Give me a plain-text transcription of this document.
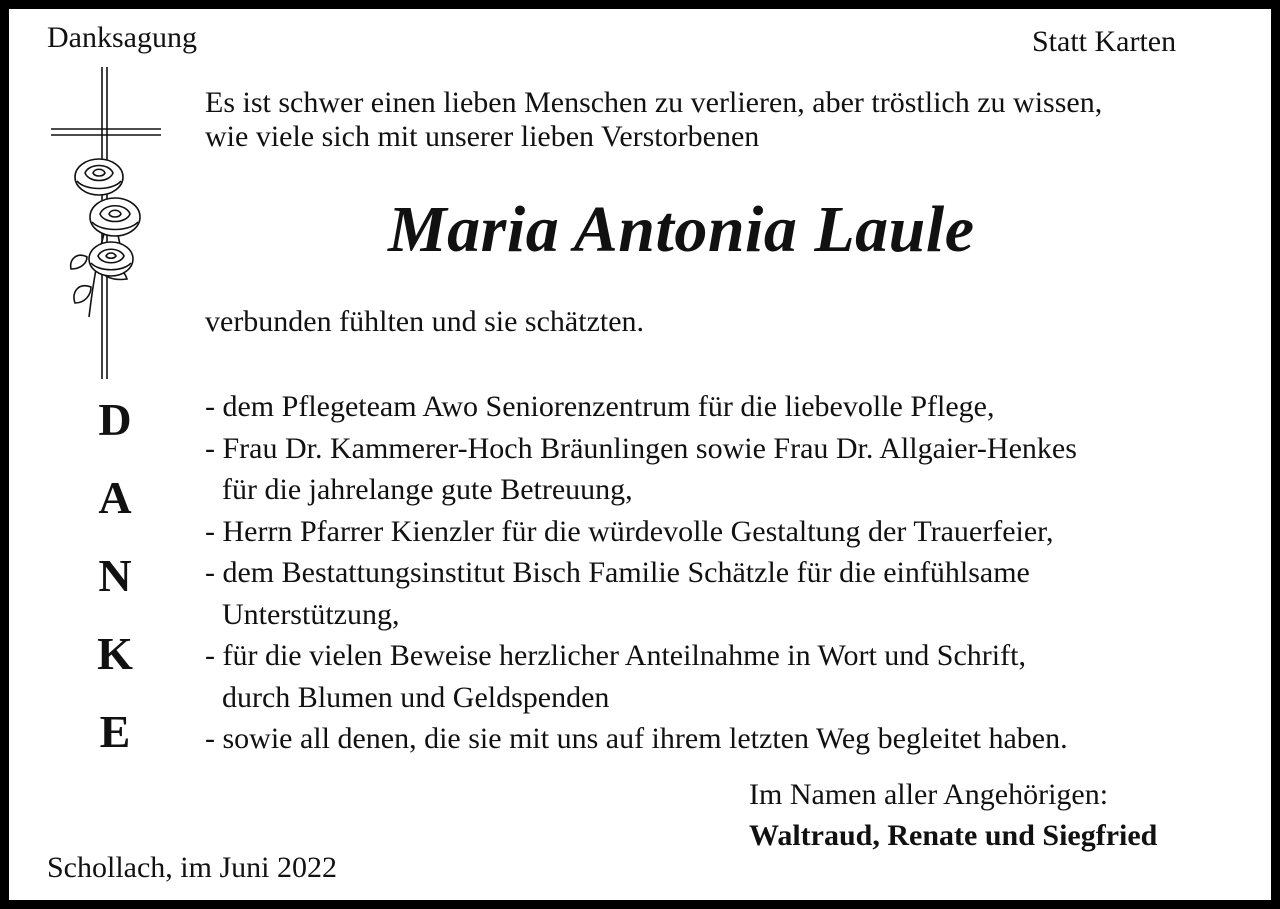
Danksagung	Statt Karten
Es ist schwer einen lieben Menschen zu verlieren, aber tröstlich zu wissen,
wie viele sich mit unserer lieben Verstorbenen
Maria Antonia Laule
verbunden fühlten und sie schätzten.
D
A
N
K
E
- dem Pflegeteam Awo Seniorenzentrum für die liebevolle Pflege,
- Frau Dr. Kammerer-Hoch Bräunlingen sowie Frau Dr. Allgaier-Henkes
für die jahrelange gute Betreuung,
- Herrn Pfarrer Kienzler für die würdevolle Gestaltung der Trauerfeier,
- dem Bestattungsinstitut Bisch Familie Schätzle für die einfühlsame
Unterstützung,
- für die vielen Beweise herzlicher Anteilnahme in Wort und Schrift,
durch Blumen und Geldspenden
- sowie all denen, die sie mit uns auf ihrem letzten Weg begleitet haben.
Im Namen aller Angehörigen:
Waltraud, Renate und Siegfried
Schollach, im Juni 2022
